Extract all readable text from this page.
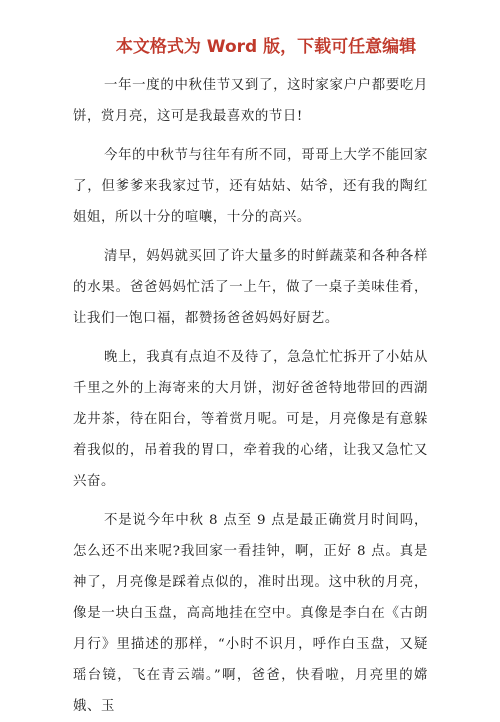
本文格式为 Word 版，下载可任意编辑

一年一度的中秋佳节又到了，这时家家户户都要吃月饼，赏月亮，这可是我最喜欢的节日!

今年的中秋节与往年有所不同，哥哥上大学不能回家了，但爹爹来我家过节，还有姑姑、姑爷，还有我的陶红姐姐，所以十分的喧嚷，十分的高兴。

清早，妈妈就买回了许大量多的时鲜蔬菜和各种各样的水果。爸爸妈妈忙活了一上午，做了一桌子美味佳肴，让我们一饱口福，都赞扬爸爸妈妈好厨艺。

晚上，我真有点迫不及待了，急急忙忙拆开了小姑从千里之外的上海寄来的大月饼，沏好爸爸特地带回的西湖龙井茶，待在阳台，等着赏月呢。可是，月亮像是有意躲着我似的，吊着我的胃口，牵着我的心绪，让我又急忙又兴奋。

不是说今年中秋 8 点至 9 点是最正确赏月时间吗，怎么还不出来呢?我回家一看挂钟，啊，正好 8 点。真是神了，月亮像是踩着点似的，准时出现。这中秋的月亮，像是一块白玉盘，高高地挂在空中。真像是李白在《古朗月行》里描述的那样，“小时不识月，呼作白玉盘，又疑瑶台镜，飞在青云端。”啊，爸爸，快看啦，月亮里的嫦娥、玉
